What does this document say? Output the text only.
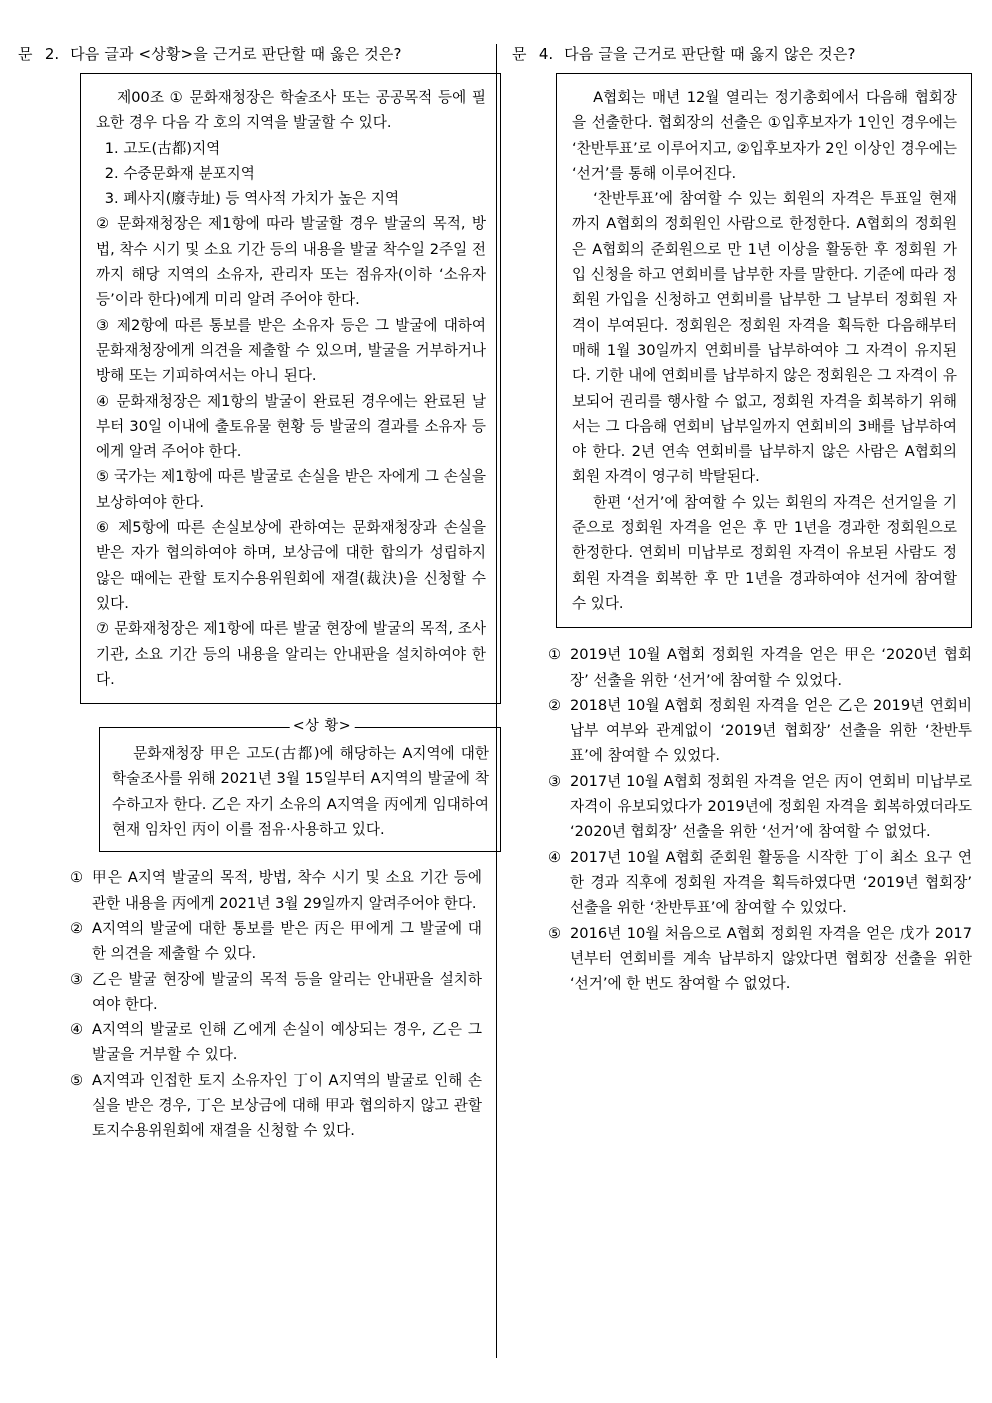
문 2. 다음 글과 <상황>을 근거로 판단할 때 옳은 것은?

제00조 ① 문화재청장은 학술조사 또는 공공목적 등에 필요한 경우 다음 각 호의 지역을 발굴할 수 있다.

1. 고도(古都)지역

2. 수중문화재 분포지역

3. 폐사지(廢寺址) 등 역사적 가치가 높은 지역

② 문화재청장은 제1항에 따라 발굴할 경우 발굴의 목적, 방법, 착수 시기 및 소요 기간 등의 내용을 발굴 착수일 2주일 전까지 해당 지역의 소유자, 관리자 또는 점유자(이하 ‘소유자 등’이라 한다)에게 미리 알려 주어야 한다.

③ 제2항에 따른 통보를 받은 소유자 등은 그 발굴에 대하여 문화재청장에게 의견을 제출할 수 있으며, 발굴을 거부하거나 방해 또는 기피하여서는 아니 된다.

④ 문화재청장은 제1항의 발굴이 완료된 경우에는 완료된 날부터 30일 이내에 출토유물 현황 등 발굴의 결과를 소유자 등에게 알려 주어야 한다.

⑤ 국가는 제1항에 따른 발굴로 손실을 받은 자에게 그 손실을 보상하여야 한다.

⑥ 제5항에 따른 손실보상에 관하여는 문화재청장과 손실을 받은 자가 협의하여야 하며, 보상금에 대한 합의가 성립하지 않은 때에는 관할 토지수용위원회에 재결(裁決)을 신청할 수 있다.

⑦ 문화재청장은 제1항에 따른 발굴 현장에 발굴의 목적, 조사기관, 소요 기간 등의 내용을 알리는 안내판을 설치하여야 한다.

<상 황>

문화재청장 甲은 고도(古都)에 해당하는 A지역에 대한 학술조사를 위해 2021년 3월 15일부터 A지역의 발굴에 착수하고자 한다. 乙은 자기 소유의 A지역을 丙에게 임대하여 현재 임차인 丙이 이를 점유·사용하고 있다.

① 甲은 A지역 발굴의 목적, 방법, 착수 시기 및 소요 기간 등에 관한 내용을 丙에게 2021년 3월 29일까지 알려주어야 한다.
② A지역의 발굴에 대한 통보를 받은 丙은 甲에게 그 발굴에 대한 의견을 제출할 수 있다.
③ 乙은 발굴 현장에 발굴의 목적 등을 알리는 안내판을 설치하여야 한다.
④ A지역의 발굴로 인해 乙에게 손실이 예상되는 경우, 乙은 그 발굴을 거부할 수 있다.
⑤ A지역과 인접한 토지 소유자인 丁이 A지역의 발굴로 인해 손실을 받은 경우, 丁은 보상금에 대해 甲과 협의하지 않고 관할 토지수용위원회에 재결을 신청할 수 있다.
문 4. 다음 글을 근거로 판단할 때 옳지 않은 것은?

A협회는 매년 12월 열리는 정기총회에서 다음해 협회장을 선출한다. 협회장의 선출은 ①입후보자가 1인인 경우에는 ‘찬반투표’로 이루어지고, ②입후보자가 2인 이상인 경우에는 ‘선거’를 통해 이루어진다.

‘찬반투표’에 참여할 수 있는 회원의 자격은 투표일 현재까지 A협회의 정회원인 사람으로 한정한다. A협회의 정회원은 A협회의 준회원으로 만 1년 이상을 활동한 후 정회원 가입 신청을 하고 연회비를 납부한 자를 말한다. 기준에 따라 정회원 가입을 신청하고 연회비를 납부한 그 날부터 정회원 자격이 부여된다. 정회원은 정회원 자격을 획득한 다음해부터 매해 1월 30일까지 연회비를 납부하여야 그 자격이 유지된다. 기한 내에 연회비를 납부하지 않은 정회원은 그 자격이 유보되어 권리를 행사할 수 없고, 정회원 자격을 회복하기 위해서는 그 다음해 연회비 납부일까지 연회비의 3배를 납부하여야 한다. 2년 연속 연회비를 납부하지 않은 사람은 A협회의 회원 자격이 영구히 박탈된다.

한편 ‘선거’에 참여할 수 있는 회원의 자격은 선거일을 기준으로 정회원 자격을 얻은 후 만 1년을 경과한 정회원으로 한정한다. 연회비 미납부로 정회원 자격이 유보된 사람도 정회원 자격을 회복한 후 만 1년을 경과하여야 선거에 참여할 수 있다.

① 2019년 10월 A협회 정회원 자격을 얻은 甲은 ‘2020년 협회장’ 선출을 위한 ‘선거’에 참여할 수 있었다.
② 2018년 10월 A협회 정회원 자격을 얻은 乙은 2019년 연회비 납부 여부와 관계없이 ‘2019년 협회장’ 선출을 위한 ‘찬반투표’에 참여할 수 있었다.
③ 2017년 10월 A협회 정회원 자격을 얻은 丙이 연회비 미납부로 자격이 유보되었다가 2019년에 정회원 자격을 회복하였더라도 ‘2020년 협회장’ 선출을 위한 ‘선거’에 참여할 수 없었다.
④ 2017년 10월 A협회 준회원 활동을 시작한 丁이 최소 요구 연한 경과 직후에 정회원 자격을 획득하였다면 ‘2019년 협회장’ 선출을 위한 ‘찬반투표’에 참여할 수 있었다.
⑤ 2016년 10월 처음으로 A협회 정회원 자격을 얻은 戊가 2017년부터 연회비를 계속 납부하지 않았다면 협회장 선출을 위한 ‘선거’에 한 번도 참여할 수 없었다.
